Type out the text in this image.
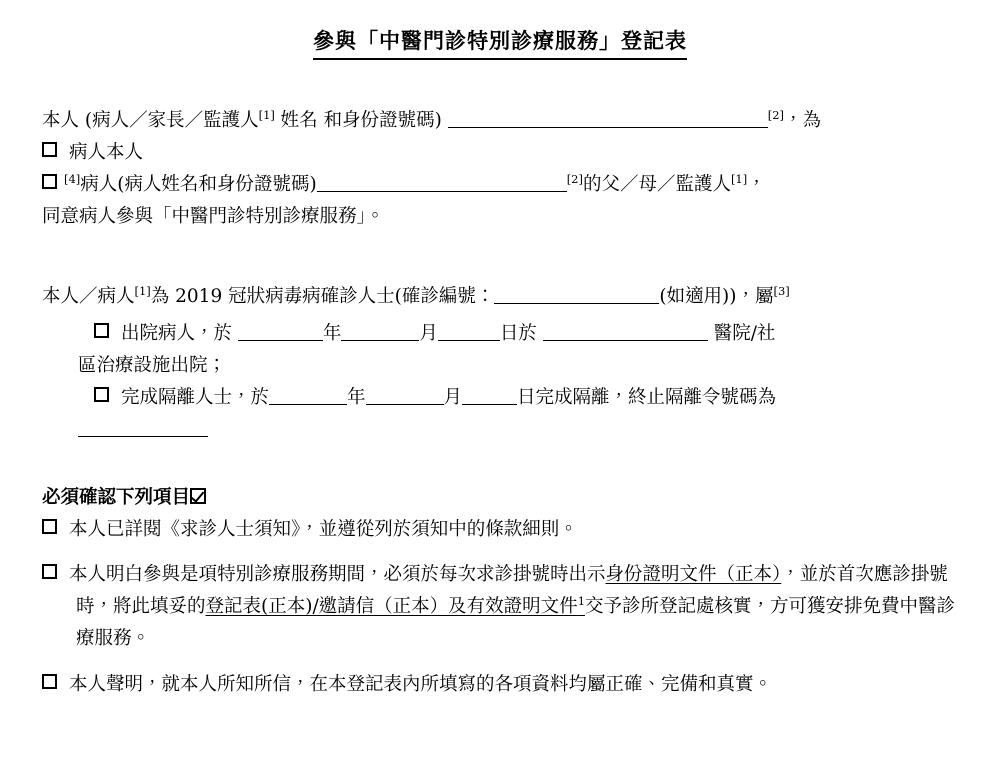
參與「中醫門診特別診療服務」登記表
本人 (病人／家長／監護人[1] 姓名 和身份證號碼)	[2]，為
病人本人
[4]病人(病人姓名和身份證號碼)	[2]的父／母／監護人[1]，
同意病人參與「中醫門診特別診療服務」。
本人／病人[1]為 2019 冠狀病毒病確診人士(確診編號：	(如適用))，屬[3]
出院病人，於	年	月	日於	醫院/社
區治療設施出院；
完成隔離人士，於	年	月	日完成隔離，終止隔離令號碼為
必須確認下列項目
本人已詳閱《求診人士須知》，並遵從列於須知中的條款細則。
本人明白參與是項特別診療服務期間，必須於每次求診掛號時出示身份證明文件（正本），並於首次應診掛號時，將此填妥的登記表(正本)/邀請信（正本）及有效證明文件$^1$交予診所登記處核實，方可獲安排免費中醫診療服務。
本人聲明，就本人所知所信，在本登記表內所填寫的各項資料均屬正確、完備和真實。
